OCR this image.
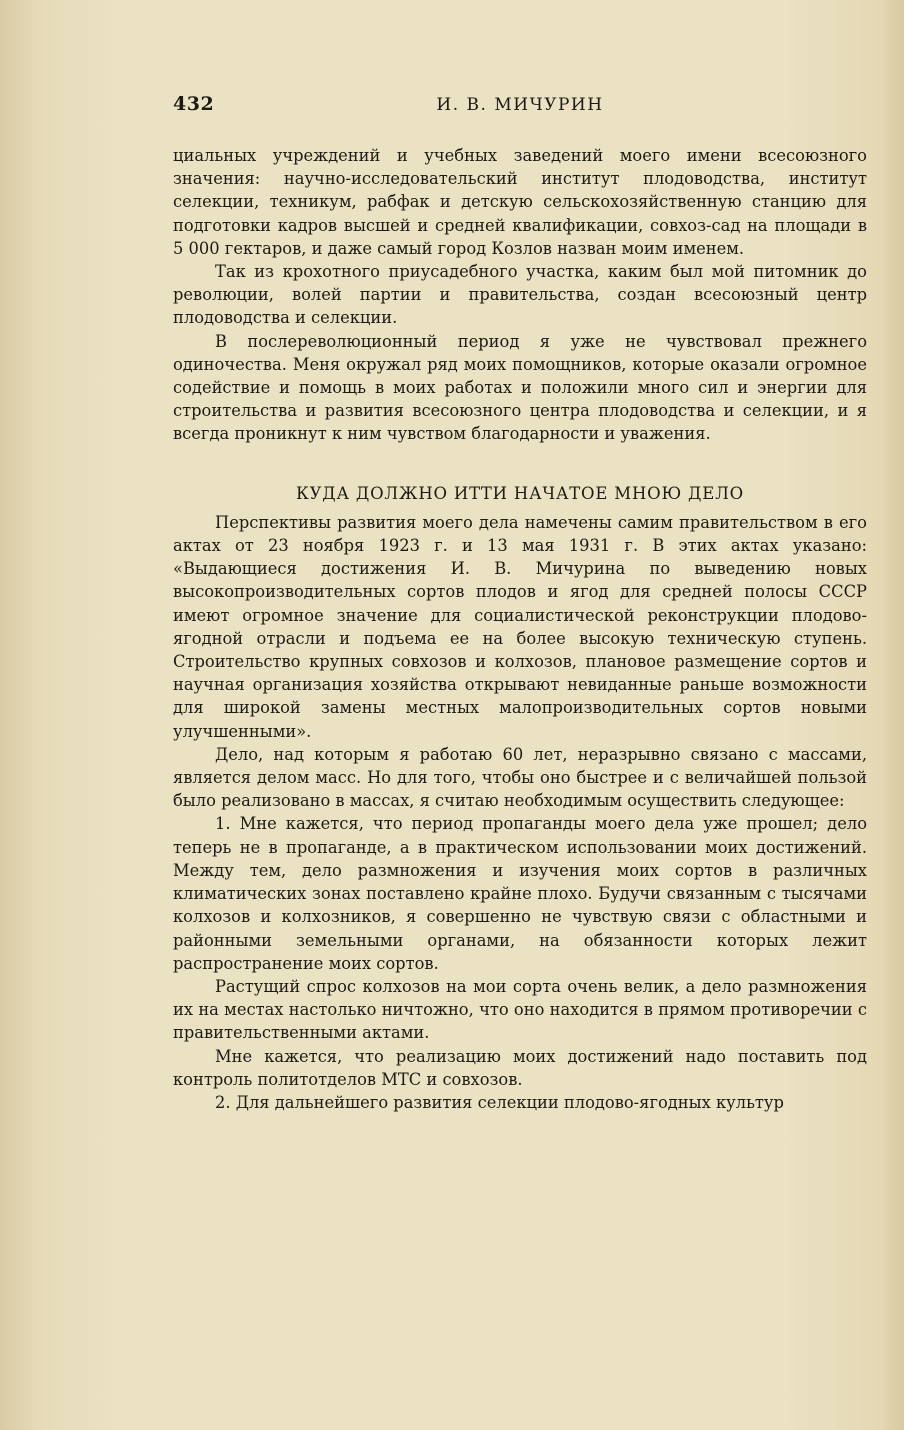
432	И. В. МИЧУРИН

циальных учреждений и учебных заведений моего имени всесоюзного значения: научно-исследовательский институт плодоводства, институт селекции, техникум, рабфак и детскую сельскохозяйственную станцию для подготовки кадров высшей и средней квалификации, совхоз-сад на площади в 5 000 гектаров, и даже самый город Козлов назван моим именем.

Так из крохотного приусадебного участка, каким был мой питомник до революции, волей партии и правительства, создан всесоюзный центр плодоводства и селекции.

В послереволюционный период я уже не чувствовал прежнего одиночества. Меня окружал ряд моих помощников, которые оказали огромное содействие и помощь в моих работах и положили много сил и энергии для строительства и развития всесоюзного центра плодоводства и селекции, и я всегда проникнут к ним чувством благодарности и уважения.

КУДА ДОЛЖНО ИТТИ НАЧАТОЕ МНОЮ ДЕЛО

Перспективы развития моего дела намечены самим правительством в его актах от 23 ноября 1923 г. и 13 мая 1931 г. В этих актах указано: «Выдающиеся достижения И. В. Мичурина по выведению новых высокопроизводительных сортов плодов и ягод для средней полосы СССР имеют огромное значение для социалистической реконструкции плодово-ягодной отрасли и подъема ее на более высокую техническую ступень. Строительство крупных совхозов и колхозов, плановое размещение сортов и научная организация хозяйства открывают невиданные раньше возможности для широкой замены местных малопроизводительных сортов новыми улучшенными».

Дело, над которым я работаю 60 лет, неразрывно связано с массами, является делом масс. Но для того, чтобы оно быстрее и с величайшей пользой было реализовано в массах, я считаю необходимым осуществить следующее:

1. Мне кажется, что период пропаганды моего дела уже прошел; дело теперь не в пропаганде, а в практическом использовании моих достижений. Между тем, дело размножения и изучения моих сортов в различных климатических зонах поставлено крайне плохо. Будучи связанным с тысячами колхозов и колхозников, я совершенно не чувствую связи с областными и районными земельными органами, на обязанности которых лежит распространение моих сортов.

Растущий спрос колхозов на мои сорта очень велик, а дело размножения их на местах настолько ничтожно, что оно находится в прямом противоречии с правительственными актами.

Мне кажется, что реализацию моих достижений надо поставить под контроль политотделов МТС и совхозов.

2. Для дальнейшего развития селекции плодово-ягодных культур
